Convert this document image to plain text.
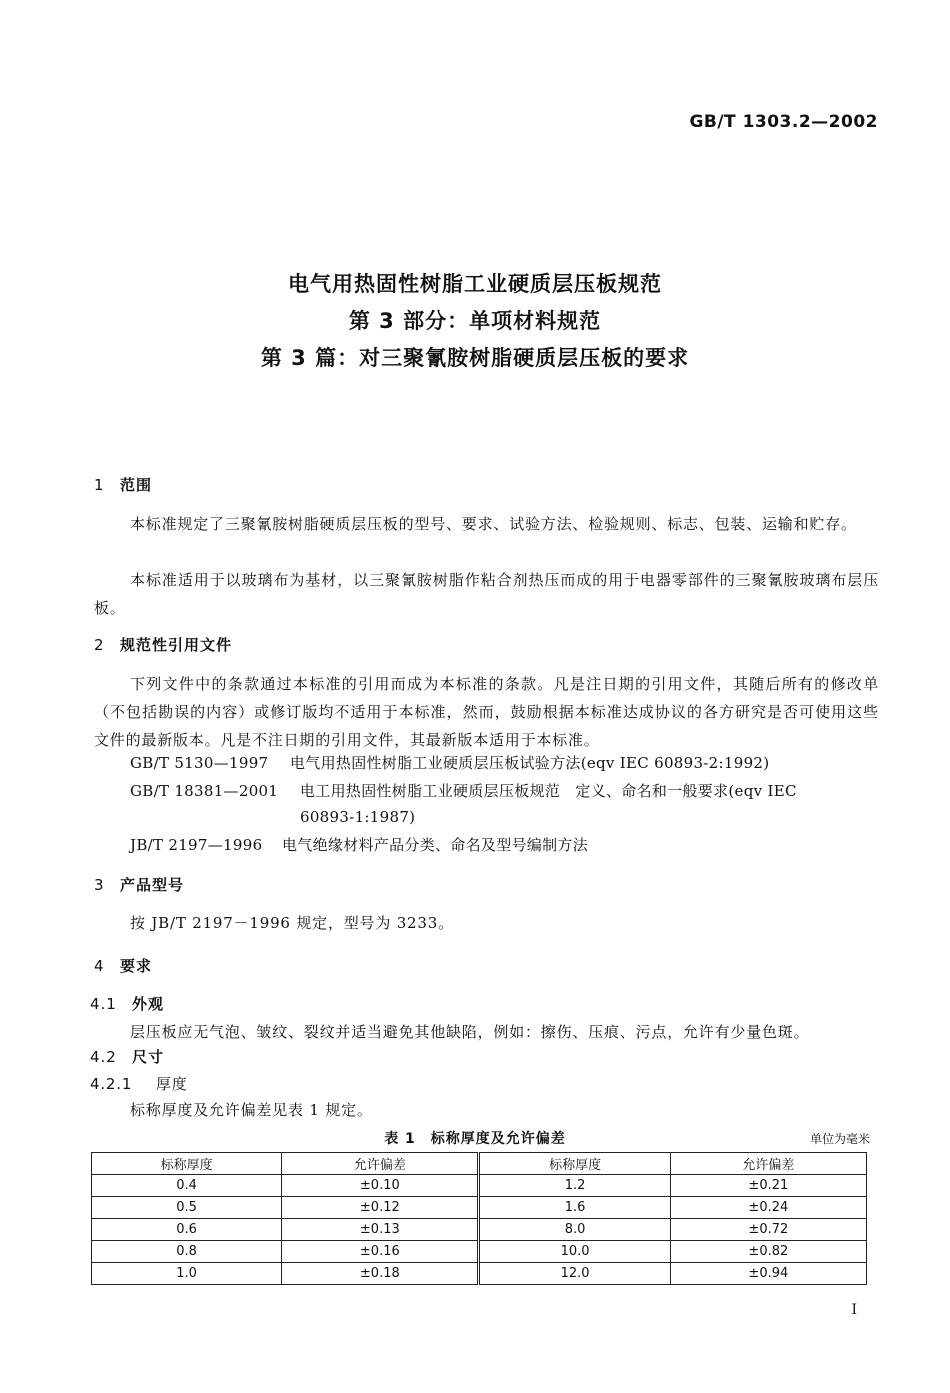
GB/T 1303.2—2002
电气用热固性树脂工业硬质层压板规范
第 3 部分：单项材料规范
第 3 篇：对三聚氰胺树脂硬质层压板的要求
1 范围
本标准规定了三聚氰胺树脂硬质层压板的型号、要求、试验方法、检验规则、标志、包装、运输和贮存。
本标准适用于以玻璃布为基材，以三聚氰胺树脂作粘合剂热压而成的用于电器零部件的三聚氰胺玻璃布层压板。
2 规范性引用文件
下列文件中的条款通过本标准的引用而成为本标准的条款。凡是注日期的引用文件，其随后所有的修改单（不包括勘误的内容）或修订版均不适用于本标准，然而，鼓励根据本标准达成协议的各方研究是否可使用这些文件的最新版本。凡是不注日期的引用文件，其最新版本适用于本标准。
GB/T 5130—1997 电气用热固性树脂工业硬质层压板试验方法(eqv IEC 60893-2:1992)
GB/T 18381—2001 电工用热固性树脂工业硬质层压板规范　定义、命名和一般要求(eqv IEC
60893-1:1987)
JB/T 2197—1996 电气绝缘材料产品分类、命名及型号编制方法
3 产品型号
按 JB/T 2197－1996 规定，型号为 3233。
4 要求
4.1 外观
层压板应无气泡、皱纹、裂纹并适当避免其他缺陷，例如：擦伤、压痕、污点，允许有少量色斑。
4.2 尺寸
4.2.1 厚度
标称厚度及允许偏差见表 1 规定。
表 1　标称厚度及允许偏差	单位为毫米
标称厚度	允许偏差	标称厚度	允许偏差
0.4	±0.10	1.2	±0.21
0.5	±0.12	1.6	±0.24
0.6	±0.13	8.0	±0.72
0.8	±0.16	10.0	±0.82
1.0	±0.18	12.0	±0.94
I
